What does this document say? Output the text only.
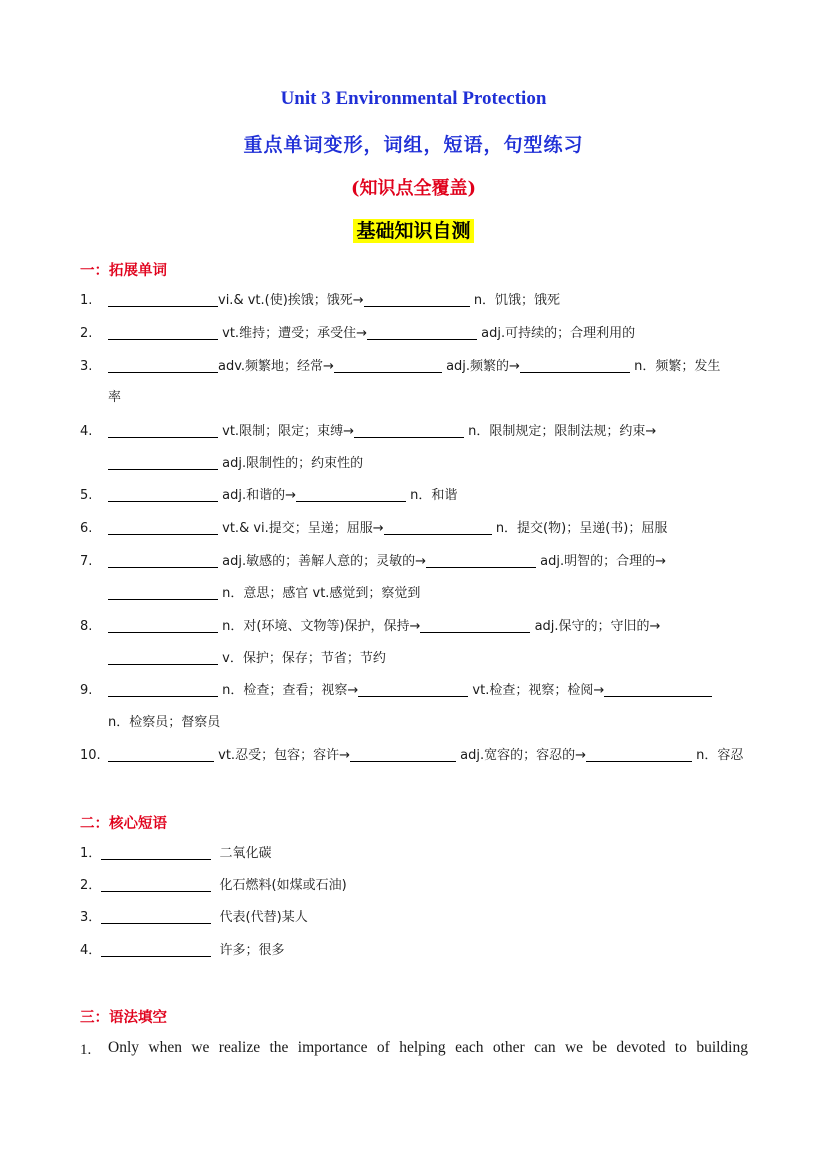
Unit 3 Environmental Protection
重点单词变形，词组，短语，句型练习
(知识点全覆盖)
基础知识自测
一：拓展单词
1.	vi.& vt.(使)挨饿；饿死→	n．饥饿；饿死
2.	vt.维持；遭受；承受住→	adj.可持续的；合理利用的
3.	adv.频繁地；经常→	adj.频繁的→	n．频繁；发生
率
4.	vt.限制；限定；束缚→	n．限制规定；限制法规；约束→
adj.限制性的；约束性的
5.	adj.和谐的→	n．和谐
6.	vt.& vi.提交；呈递；屈服→	n．提交(物)；呈递(书)；屈服
7.	adj.敏感的；善解人意的；灵敏的→	adj.明智的；合理的→
n．意思；感官 vt.感觉到；察觉到
8.	n．对(环境、文物等)保护，保持→	adj.保守的；守旧的→
v．保护；保存；节省；节约
9.	n．检查；查看；视察→	vt.检查；视察；检阅→
n．检察员；督察员
10.	vt.忍受；包容；容许→	adj.宽容的；容忍的→	n．容忍
二：核心短语
1．	二氧化碳
2．	化石燃料(如煤或石油)
3．	代表(代替)某人
4．	许多；很多
三：语法填空
1. Only when we realize the importance of helping each other can we be devoted to building
